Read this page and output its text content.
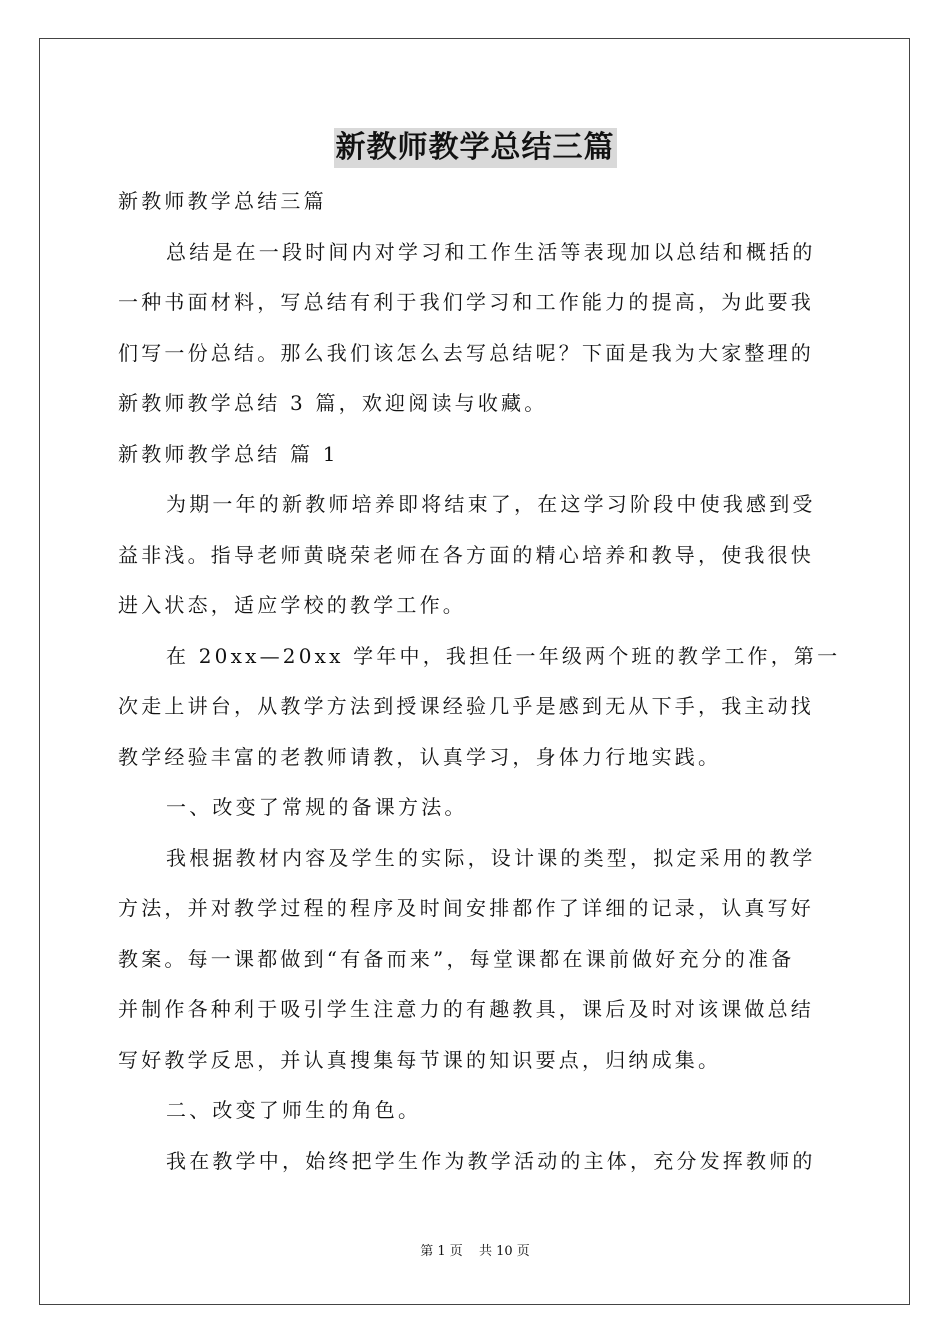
新教师教学总结三篇
新教师教学总结三篇
总结是在一段时间内对学习和工作生活等表现加以总结和概括的
一种书面材料，写总结有利于我们学习和工作能力的提高，为此要我
们写一份总结。那么我们该怎么去写总结呢？下面是我为大家整理的
新教师教学总结 3 篇，欢迎阅读与收藏。
新教师教学总结 篇 1
为期一年的新教师培养即将结束了，在这学习阶段中使我感到受
益非浅。指导老师黄晓荣老师在各方面的精心培养和教导，使我很快
进入状态，适应学校的教学工作。
在 20xx—20xx 学年中，我担任一年级两个班的教学工作，第一
次走上讲台，从教学方法到授课经验几乎是感到无从下手，我主动找
教学经验丰富的老教师请教，认真学习，身体力行地实践。
一、改变了常规的备课方法。
我根据教材内容及学生的实际，设计课的类型，拟定采用的教学
方法，并对教学过程的程序及时间安排都作了详细的记录，认真写好
教案。每一课都做到“有备而来”，每堂课都在课前做好充分的准备
并制作各种利于吸引学生注意力的有趣教具，课后及时对该课做总结
写好教学反思，并认真搜集每节课的知识要点，归纳成集。
二、改变了师生的角色。
我在教学中，始终把学生作为教学活动的主体，充分发挥教师的
第 1 页 共 10 页
